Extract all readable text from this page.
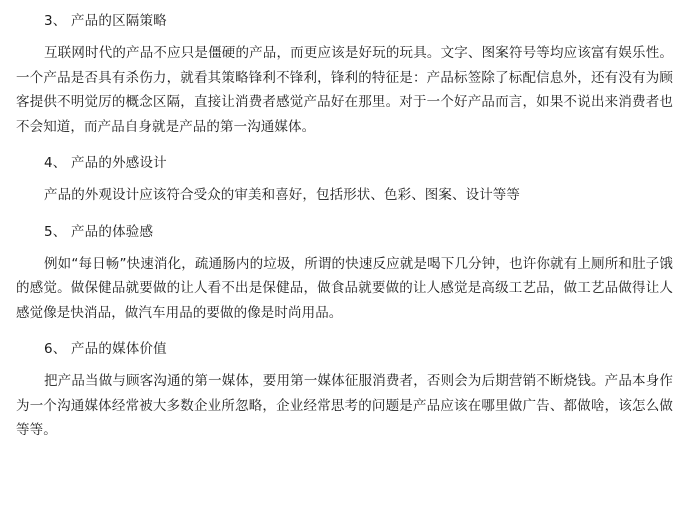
3、 产品的区隔策略

互联网时代的产品不应只是僵硬的产品，而更应该是好玩的玩具。文字、图案符号等均应该富有娱乐性。一个产品是否具有杀伤力，就看其策略锋利不锋利，锋利的特征是：产品标签除了标配信息外，还有没有为顾客提供不明觉厉的概念区隔，直接让消费者感觉产品好在那里。对于一个好产品而言，如果不说出来消费者也不会知道，而产品自身就是产品的第一沟通媒体。

4、 产品的外感设计

产品的外观设计应该符合受众的审美和喜好，包括形状、色彩、图案、设计等等

5、 产品的体验感

例如“每日畅”快速消化，疏通肠内的垃圾，所谓的快速反应就是喝下几分钟，也许你就有上厕所和肚子饿的感觉。做保健品就要做的让人看不出是保健品，做食品就要做的让人感觉是高级工艺品，做工艺品做得让人感觉像是快消品，做汽车用品的要做的像是时尚用品。

6、 产品的媒体价值

把产品当做与顾客沟通的第一媒体，要用第一媒体征服消费者，否则会为后期营销不断烧钱。产品本身作为一个沟通媒体经常被大多数企业所忽略，企业经常思考的问题是产品应该在哪里做广告、都做啥，该怎么做等等。
